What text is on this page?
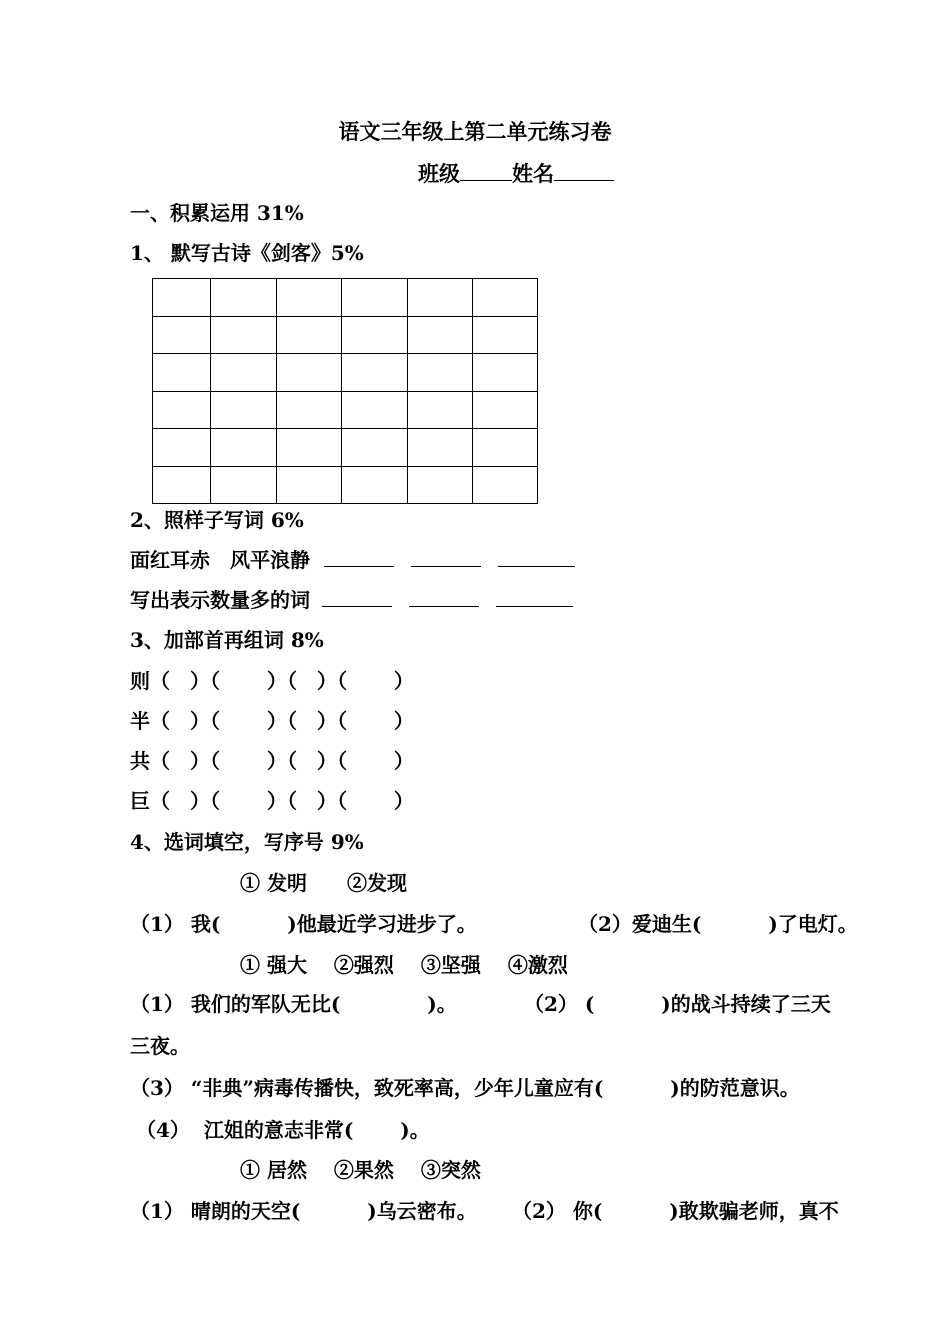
语文三年级上第二单元练习卷
班级 姓名
一、积累运用 31%
1、 默写古诗《剑客》5%

2、照样子写词 6%
面红耳赤　风平浪静
写出表示数量多的词
3、加部首再组词 8%
则（　）（　　 ）（　）（　　 ）
半（　）（　　 ）（　）（　　 ）
共（　）（　　 ）（　）（　　 ）
巨（　）（　　 ）（　）（　　 ）
4、选词填空，写序号 9%
① 发明　　②发现
（1） 我(　　　 )他最近学习进步了。	（2）爱迪生(　　　 )了电灯。
① 强大　 ②强烈　 ③坚强　 ④激烈
（1） 我们的军队无比(　　　　 )。	（2） (　　　 )的战斗持续了三天
三夜。
（3） “非典”病毒传播快，致死率高，少年儿童应有(　　　 )的防范意识。
（4）  江姐的意志非常(　　 )。
① 居然　 ②果然　 ③突然
（1） 晴朗的天空(　　　 )乌云密布。 （2） 你(　　　 )敢欺骗老师，真不
